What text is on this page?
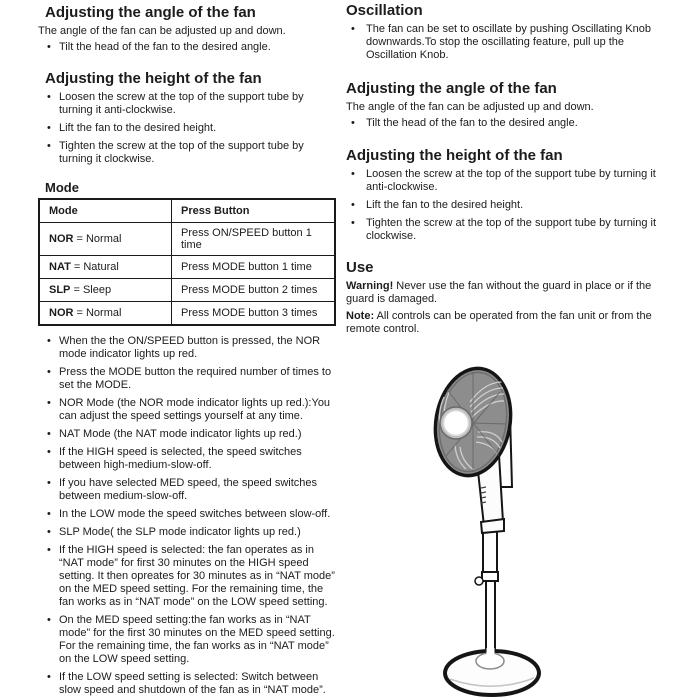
Adjusting the angle of the fan

The angle of the fan can be adjusted up and down.

• Tilt the head of the fan to the desired angle.
Adjusting the height of the fan
• Loosen the screw at the top of the support tube by turning it anti-clockwise.
• Lift the fan to the desired height.
• Tighten the screw at the top of the support tube by turning it clockwise.
Mode
Mode	Press Button
NOR = Normal	Press ON/SPEED button 1 time
NAT = Natural	Press MODE button 1 time
SLP = Sleep	Press MODE button 2 times
NOR = Normal	Press MODE button 3 times
• When the the ON/SPEED button is pressed, the NOR mode indicator lights up red.
• Press the MODE button the required number of times to set the MODE.
• NOR Mode (the NOR mode indicator lights up red.):You can adjust the speed settings yourself at any time.
• NAT Mode (the NAT mode indicator lights up red.)
• If the HIGH speed is selected, the speed switches between high-medium-slow-off.
• If you have selected MED speed, the speed switches between medium-slow-off.
• In the LOW mode the speed switches between slow-off.
• SLP Mode( the SLP mode indicator lights up red.)
• If the HIGH speed is selected: the fan operates as in “NAT mode” for first 30 minutes on the HIGH speed setting. It then opreates for 30 minutes as in “NAT mode” on the MED speed setting. For the remaining time, the fan works as in “NAT mode” on the LOW speed setting.
• On the MED speed setting:the fan works as in “NAT mode” for the first 30 minutes on the MED speed setting. For the remaining time, the fan works as in “NAT mode” on the LOW speed setting.
• If the LOW speed setting is selected: Switch between slow speed and shutdown of the fan as in “NAT mode”.
Oscillation
•	The fan can be set to oscillate by pushing Oscillating Knob downwards.To stop the oscillating feature, pull up the Oscillation Knob.
Adjusting the angle of the fan

The angle of the fan can be adjusted up and down.

•	Tilt the head of the fan to the desired angle.
Adjusting the height of the fan
•	Loosen the screw at the top of the support tube by turning it anti-clockwise.
•	Lift the fan to the desired height.
•	Tighten the screw at the top of the support tube by turning it clockwise.
Use

Warning! Never use the fan without the guard in place or if the guard is damaged.

Note: All controls can be operated from the fan unit or from the remote control.
